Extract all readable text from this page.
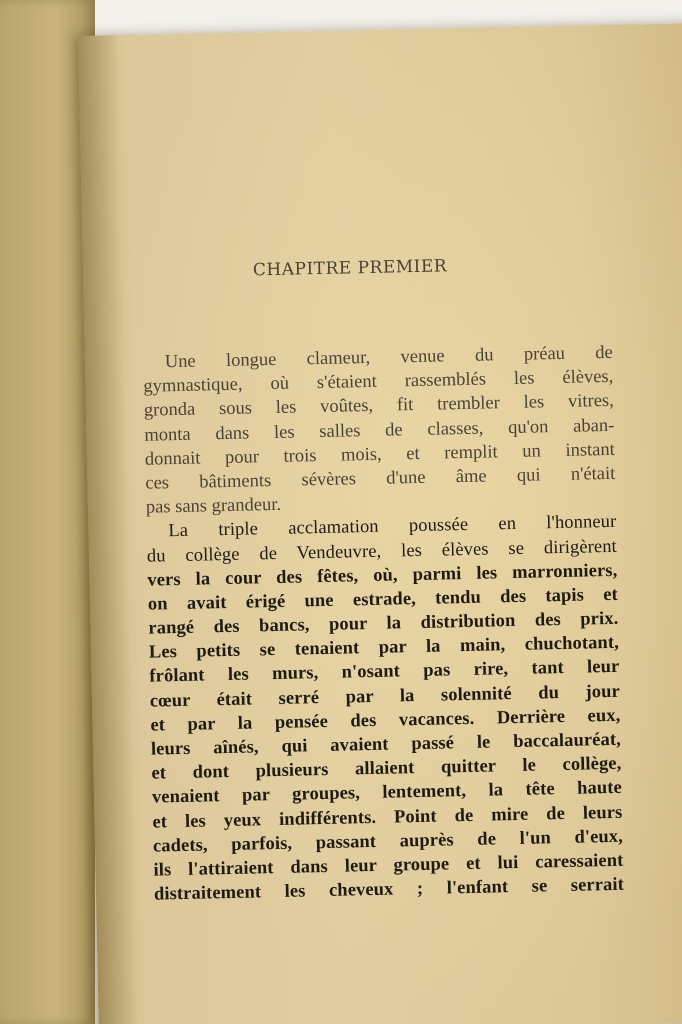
CHAPITRE PREMIER
Une longue clameur, venue du préau de
gymnastique, où s'étaient rassemblés les élèves,
gronda sous les voûtes, fit trembler les vitres,
monta dans les salles de classes, qu'on aban-
donnait pour trois mois, et remplit un instant
ces bâtiments sévères d'une âme qui n'était
pas sans grandeur.
La triple acclamation poussée en l'honneur
du collège de Vendeuvre, les élèves se dirigèrent
vers la cour des fêtes, où, parmi les marronniers,
on avait érigé une estrade, tendu des tapis et
rangé des bancs, pour la distribution des prix.
Les petits se tenaient par la main, chuchotant,
frôlant les murs, n'osant pas rire, tant leur
cœur était serré par la solennité du jour
et par la pensée des vacances. Derrière eux,
leurs aînés, qui avaient passé le baccalauréat,
et dont plusieurs allaient quitter le collège,
venaient par groupes, lentement, la tête haute
et les yeux indifférents. Point de mire de leurs
cadets, parfois, passant auprès de l'un d'eux,
ils l'attiraient dans leur groupe et lui caressaient
distraitement les cheveux ; l'enfant se serrait
